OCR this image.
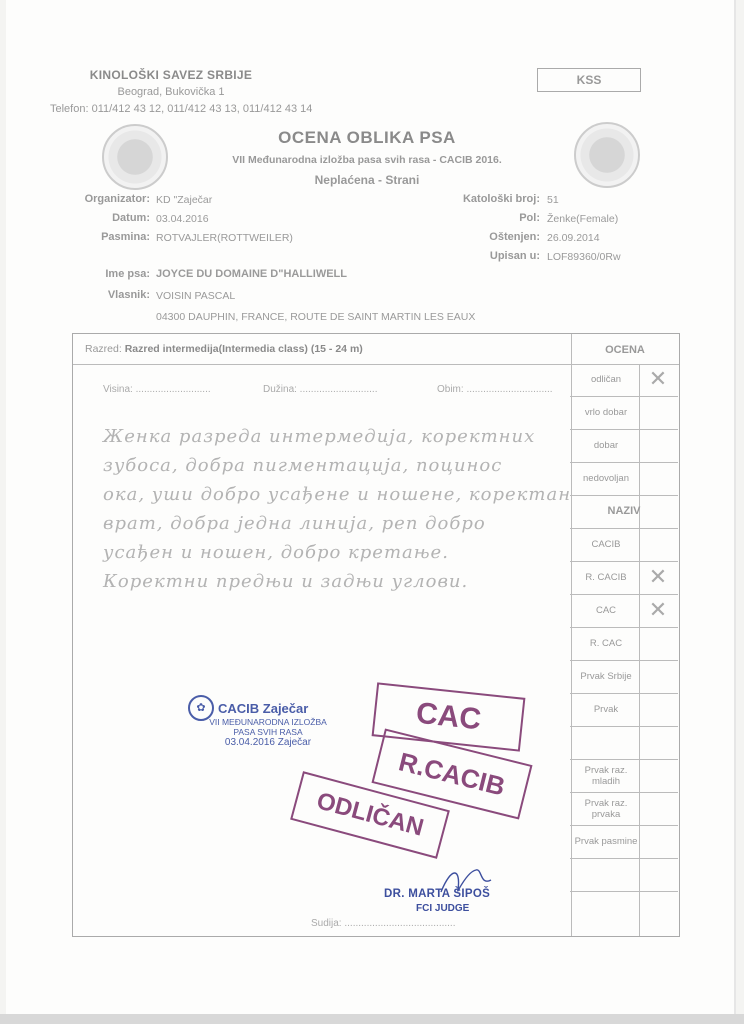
KINOLOŠKI SAVEZ SRBIJE
Beograd, Bukovička 1
Telefon: 011/412 43 12, 011/412 43 13, 011/412 43 14
KSS
OCENA OBLIKA PSA
VII Međunarodna izložba pasa svih rasa - CACIB 2016.
Neplaćena - Strani
Organizator: KD "Zaječar
Datum: 03.04.2016
Pasmina: ROTVAJLER(ROTTWEILER)
Katološki broj: 51
Pol: Ženke(Female)
Oštenjen: 26.09.2014
Upisan u: LOF89360/0Rw
Ime psa: JOYCE DU DOMAINE D"HALLIWELL
Vlasnik: VOISIN PASCAL
04300 DAUPHIN, FRANCE, ROUTE DE SAINT MARTIN LES EAUX
Razred: Razred intermedija(Intermedia class) (15 - 24 m)	OCENA
Visina: ...........................	Dužina: ............................	Obim: ...............................
Женка разреда интермедија, коректних
зубоса, добра пигментација, поцинос
ока, уши добро усађене и ношене, коректан
врат, добра једна линија, реп добро
усађен и ношен, добро кретање.
Коректни предњи и задњи углови.
Sudija: ........................................
odličan	✕
vrlo dobar
dobar
nedovoljan
NAZIV
CACIB
R. CACIB	✕
CAC	✕
R. CAC
Prvak Srbije
Prvak
Prvak raz. mladih
Prvak raz. prvaka
Prvak pasmine
✿ CACIB Zaječar
VII MEĐUNARODNA IZLOŽBA
PASA SVIH RASA
03.04.2016 Zaječar
CAC
R.CACIB
ODLIČAN
DR. MARTA ŠIPOŠ
FCI JUDGE
